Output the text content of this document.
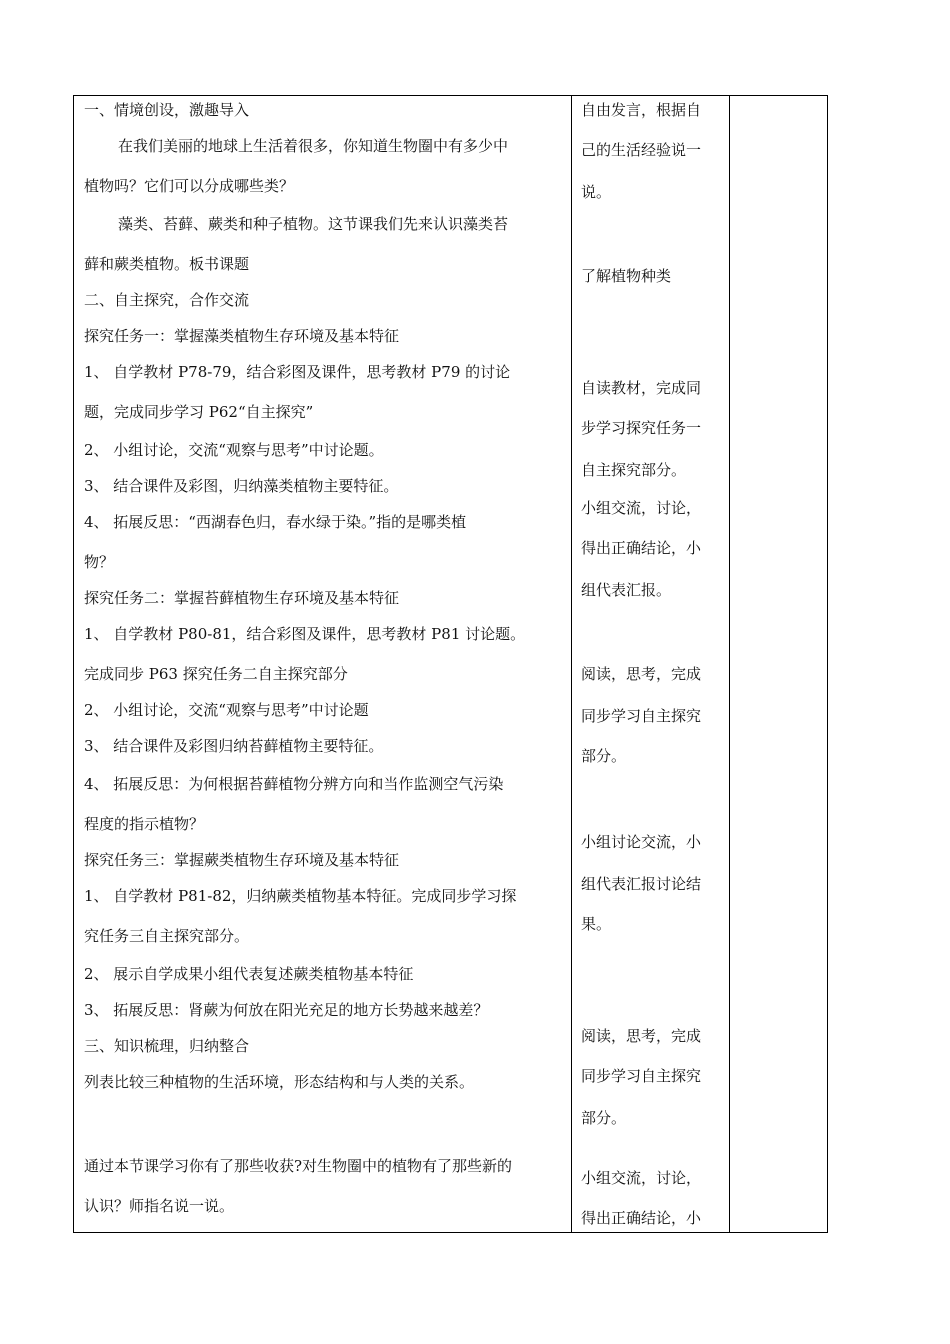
一、情境创设，激趣导入
在我们美丽的地球上生活着很多，你知道生物圈中有多少中
植物吗？它们可以分成哪些类？
藻类、苔藓、蕨类和种子植物。这节课我们先来认识藻类苔
藓和蕨类植物。板书课题
二、自主探究，合作交流
探究任务一：掌握藻类植物生存环境及基本特征
1、 自学教材 P78-79，结合彩图及课件，思考教材 P79 的讨论
题，完成同步学习 P62“自主探究”
2、 小组讨论，交流“观察与思考”中讨论题。
3、 结合课件及彩图，归纳藻类植物主要特征。
4、 拓展反思：“西湖春色归，春水绿于染。”指的是哪类植
物？
探究任务二：掌握苔藓植物生存环境及基本特征
1、 自学教材 P80-81，结合彩图及课件，思考教材 P81 讨论题。
完成同步 P63 探究任务二自主探究部分
2、 小组讨论，交流“观察与思考”中讨论题
3、 结合课件及彩图归纳苔藓植物主要特征。
4、 拓展反思：为何根据苔藓植物分辨方向和当作监测空气污染
程度的指示植物？
探究任务三：掌握蕨类植物生存环境及基本特征
1、 自学教材 P81-82，归纳蕨类植物基本特征。完成同步学习探
究任务三自主探究部分。
2、 展示自学成果小组代表复述蕨类植物基本特征
3、 拓展反思：肾蕨为何放在阳光充足的地方长势越来越差？
三、知识梳理，归纳整合
列表比较三种植物的生活环境，形态结构和与人类的关系。
通过本节课学习你有了那些收获?对生物圈中的植物有了那些新的
认识？师指名说一说。
自由发言，根据自
己的生活经验说一
说。
了解植物种类
自读教材，完成同
步学习探究任务一
自主探究部分。
小组交流，讨论，
得出正确结论，小
组代表汇报。
阅读，思考，完成
同步学习自主探究
部分。
小组讨论交流，小
组代表汇报讨论结
果。
阅读，思考，完成
同步学习自主探究
部分。
小组交流，讨论，
得出正确结论，小
